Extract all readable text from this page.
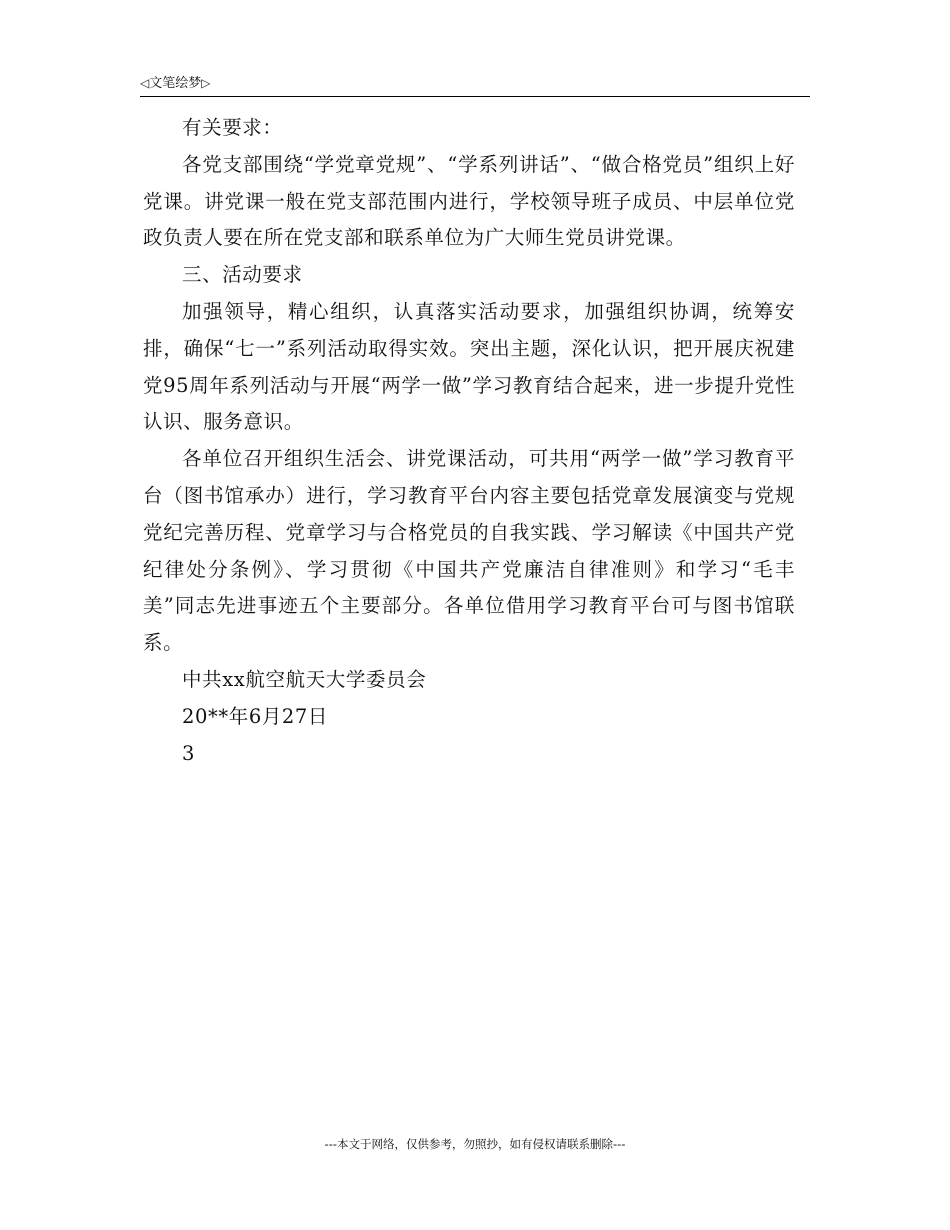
◁文笔绘梦▷

有关要求：

各党支部围绕“学党章党规”、“学系列讲话”、“做合格党员”组织上好党课。讲党课一般在党支部范围内进行，学校领导班子成员、中层单位党政负责人要在所在党支部和联系单位为广大师生党员讲党课。

三、活动要求

加强领导，精心组织，认真落实活动要求，加强组织协调，统筹安排，确保“七一”系列活动取得实效。突出主题，深化认识，把开展庆祝建党95周年系列活动与开展“两学一做”学习教育结合起来，进一步提升党性认识、服务意识。

各单位召开组织生活会、讲党课活动，可共用“两学一做”学习教育平台（图书馆承办）进行，学习教育平台内容主要包括党章发展演变与党规党纪完善历程、党章学习与合格党员的自我实践、学习解读《中国共产党纪律处分条例》、学习贯彻《中国共产党廉洁自律准则》和学习“毛丰美”同志先进事迹五个主要部分。各单位借用学习教育平台可与图书馆联系。

中共xx航空航天大学委员会

20**年6月27日

3

---本文于网络，仅供参考，勿照抄，如有侵权请联系删除---
